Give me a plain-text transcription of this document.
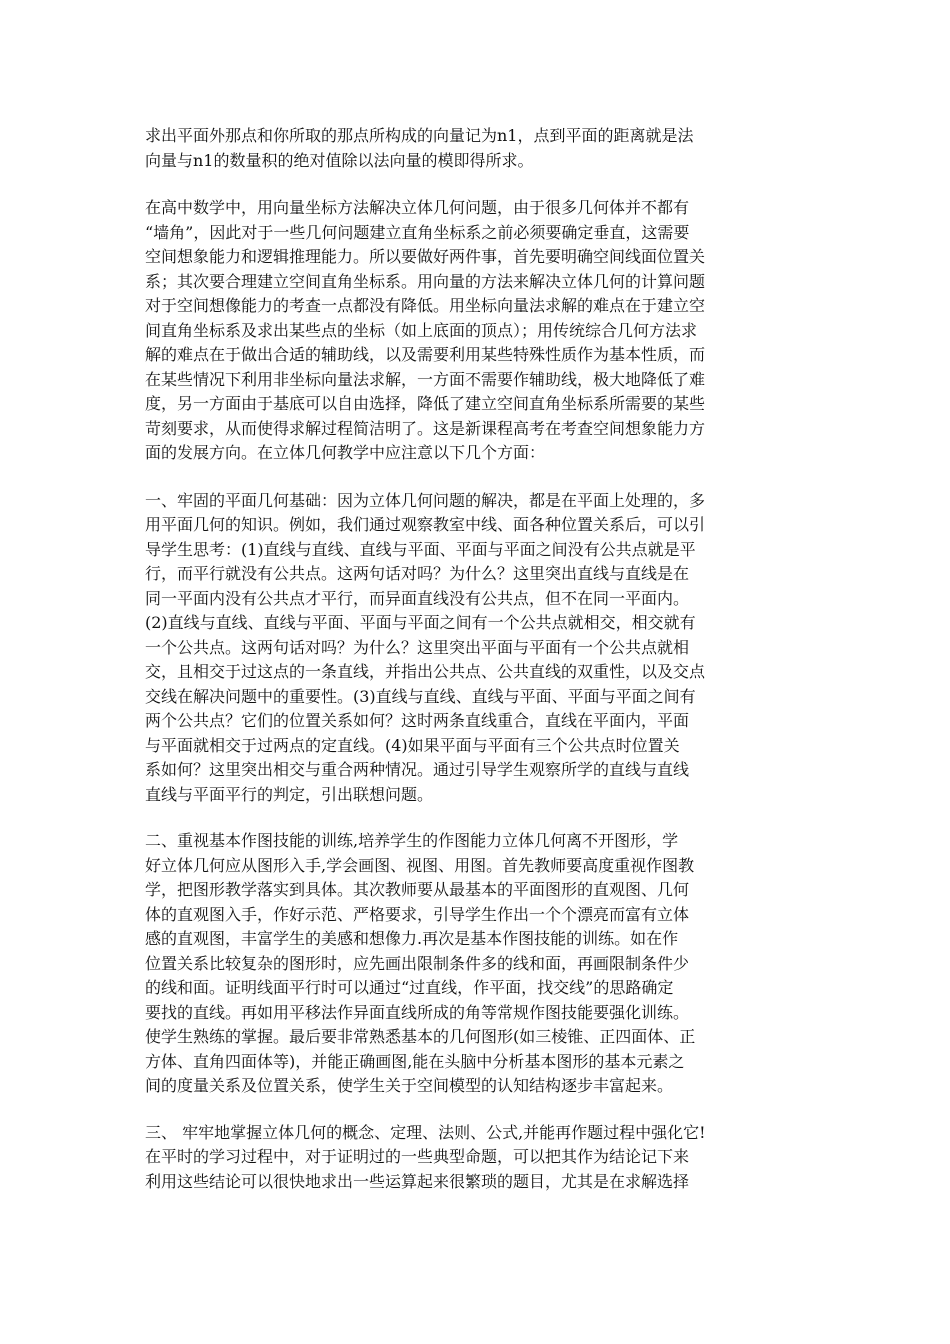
求出平面外那点和你所取的那点所构成的向量记为n1，点到平面的距离就是法
向量与n1的数量积的绝对值除以法向量的模即得所求。
在高中数学中，用向量坐标方法解决立体几何问题，由于很多几何体并不都有
“墙角”，因此对于一些几何问题建立直角坐标系之前必须要确定垂直，这需要
空间想象能力和逻辑推理能力。所以要做好两件事，首先要明确空间线面位置关
系；其次要合理建立空间直角坐标系。用向量的方法来解决立体几何的计算问题
对于空间想像能力的考查一点都没有降低。用坐标向量法求解的难点在于建立空
间直角坐标系及求出某些点的坐标（如上底面的顶点）；用传统综合几何方法求
解的难点在于做出合适的辅助线，以及需要利用某些特殊性质作为基本性质，而
在某些情况下利用非坐标向量法求解，一方面不需要作辅助线，极大地降低了难
度，另一方面由于基底可以自由选择，降低了建立空间直角坐标系所需要的某些
苛刻要求，从而使得求解过程简洁明了。这是新课程高考在考查空间想象能力方
面的发展方向。在立体几何教学中应注意以下几个方面：
一、牢固的平面几何基础：因为立体几何问题的解决，都是在平面上处理的，多
用平面几何的知识。例如，我们通过观察教室中线、面各种位置关系后，可以引
导学生思考：(1)直线与直线、直线与平面、平面与平面之间没有公共点就是平
行，而平行就没有公共点。这两句话对吗？为什么？这里突出直线与直线是在
同一平面内没有公共点才平行，而异面直线没有公共点，但不在同一平面内。
(2)直线与直线、直线与平面、平面与平面之间有一个公共点就相交，相交就有
一个公共点。这两句话对吗？为什么？这里突出平面与平面有一个公共点就相
交，且相交于过这点的一条直线，并指出公共点、公共直线的双重性，以及交点
交线在解决问题中的重要性。(3)直线与直线、直线与平面、平面与平面之间有
两个公共点？它们的位置关系如何？这时两条直线重合，直线在平面内，平面
与平面就相交于过两点的定直线。(4)如果平面与平面有三个公共点时位置关
系如何？这里突出相交与重合两种情况。通过引导学生观察所学的直线与直线
直线与平面平行的判定，引出联想问题。
二、重视基本作图技能的训练,培养学生的作图能力立体几何离不开图形，学
好立体几何应从图形入手,学会画图、视图、用图。首先教师要高度重视作图教
学，把图形教学落实到具体。其次教师要从最基本的平面图形的直观图、几何
体的直观图入手，作好示范、严格要求，引导学生作出一个个漂亮而富有立体
感的直观图，丰富学生的美感和想像力.再次是基本作图技能的训练。如在作
位置关系比较复杂的图形时，应先画出限制条件多的线和面，再画限制条件少
的线和面。证明线面平行时可以通过“过直线，作平面，找交线”的思路确定
要找的直线。再如用平移法作异面直线所成的角等常规作图技能要强化训练。
使学生熟练的掌握。最后要非常熟悉基本的几何图形(如三棱锥、正四面体、正
方体、直角四面体等)，并能正确画图,能在头脑中分析基本图形的基本元素之
间的度量关系及位置关系，使学生关于空间模型的认知结构逐步丰富起来。
三、 牢牢地掌握立体几何的概念、定理、法则、公式,并能再作题过程中强化它!
在平时的学习过程中，对于证明过的一些典型命题，可以把其作为结论记下来
利用这些结论可以很快地求出一些运算起来很繁琐的题目，尤其是在求解选择
